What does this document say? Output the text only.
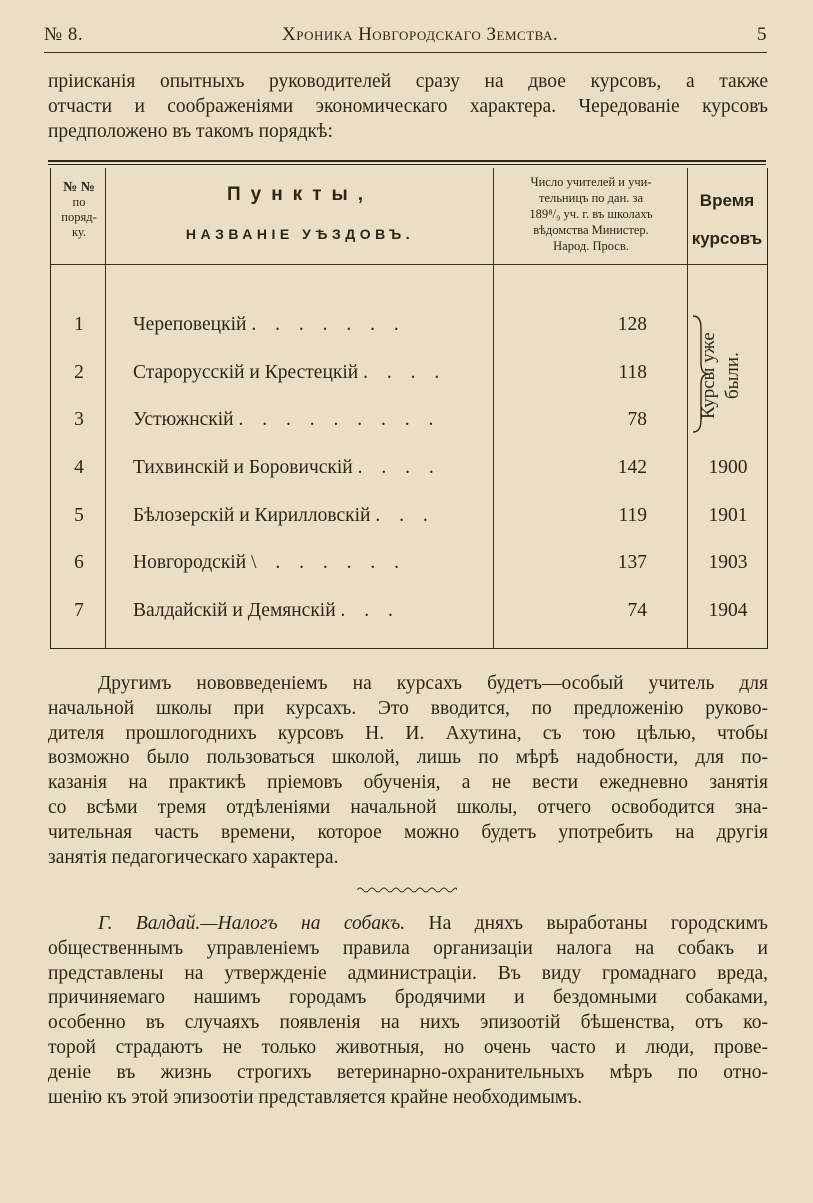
№ 8.	Хроника Новгородскаго Земства.	5

прiисканiя опытныхъ руководителей сразу на двое курсовъ, а также
отчасти и соображенiями экономическаго характера. Чередованiе курсовъ
предположено въ такомъ порядкѣ:

№ №
по
поряд-
ку.
Пункты,
НАЗВАНIЕ УѢЗДОВЪ.
Число учителей и учи-
тельницъ по дан. за
189⁸/₉ уч. г. въ школахъ
вѣдомства Министер.
Народ. Просв.
Время
курсовъ
1	Череповецкiй . . . . . . .	128
2	Старорусскiй и Крестецкiй . . . .	118
3	Устюжнскiй . . . . . . . . .	78
4	Тихвинскiй и Боровичскiй . . . .	142	1900
5	Бѣлозерскiй и Кирилловскiй . . .	119	1901
6	Новгородскiй \ . . . . . .	137	1903
7	Валдайскiй и Демянскiй . . .	74	1904
Курсы уже были.

Другимъ нововведенiемъ на курсахъ будетъ—особый учитель для
начальной школы при курсахъ. Это вводится, по предложенiю руково-
дителя прошлогоднихъ курсовъ Н. И. Ахутина, съ тою цѣлью, чтобы
возможно было пользоваться школой, лишь по мѣрѣ надобности, для по-
казанiя на практикѣ прiемовъ обученiя, а не вести ежедневно занятiя
со всѣми тремя отдѣленiями начальной школы, отчего освободится зна-
чительная часть времени, которое можно будетъ употребить на другiя
занятiя педагогическаго характера.

Г. Валдай.—Налогъ на собакъ. На дняхъ выработаны городскимъ
общественнымъ управленiемъ правила организацiи налога на собакъ и
представлены на утвержденiе администрацiи. Въ виду громаднаго вреда,
причиняемаго нашимъ городамъ бродячими и бездомными собаками,
особенно въ случаяхъ появленiя на нихъ эпизоотiй бѣшенства, отъ ко-
торой страдаютъ не только животныя, но очень часто и люди, прове-
денiе въ жизнь строгихъ ветеринарно-охранительныхъ мѣръ по отно-
шенiю къ этой эпизоотiи представляется крайне необходимымъ.
